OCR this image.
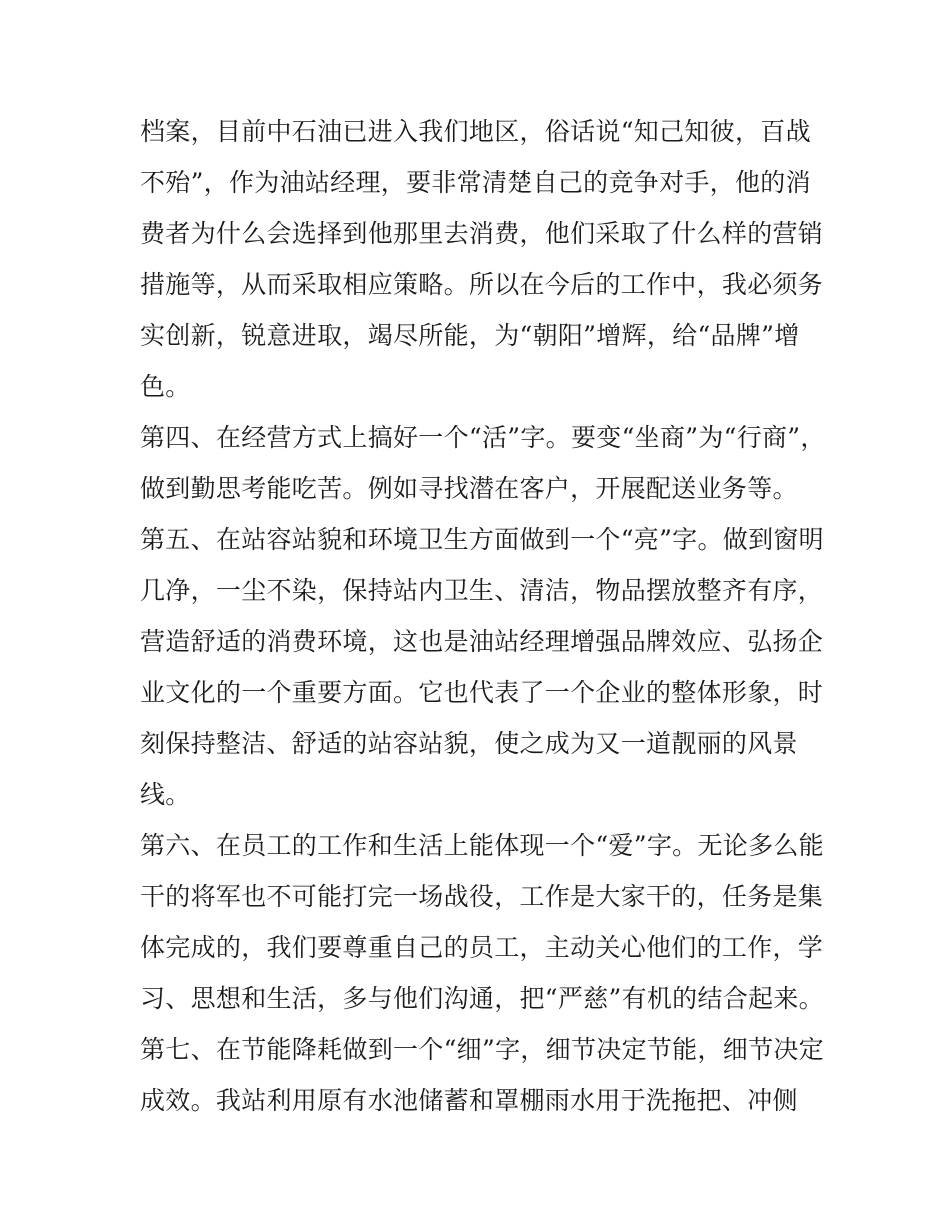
档案，目前中石油已进入我们地区，俗话说“知己知彼，百战
不殆”，作为油站经理，要非常清楚自己的竞争对手，他的消
费者为什么会选择到他那里去消费，他们采取了什么样的营销
措施等，从而采取相应策略。所以在今后的工作中，我必须务
实创新，锐意进取，竭尽所能，为“朝阳”增辉，给“品牌”增
色。
第四、在经营方式上搞好一个“活”字。要变“坐商”为“行商”，
做到勤思考能吃苦。例如寻找潜在客户，开展配送业务等。
第五、在站容站貌和环境卫生方面做到一个“亮”字。做到窗明
几净，一尘不染，保持站内卫生、清洁，物品摆放整齐有序，
营造舒适的消费环境，这也是油站经理增强品牌效应、弘扬企
业文化的一个重要方面。它也代表了一个企业的整体形象，时
刻保持整洁、舒适的站容站貌，使之成为又一道靓丽的风景
线。
第六、在员工的工作和生活上能体现一个“爱”字。无论多么能
干的将军也不可能打完一场战役，工作是大家干的，任务是集
体完成的，我们要尊重自己的员工，主动关心他们的工作，学
习、思想和生活，多与他们沟通，把“严慈”有机的结合起来。
第七、在节能降耗做到一个“细”字，细节决定节能，细节决定
成效。我站利用原有水池储蓄和罩棚雨水用于洗拖把、冲侧
